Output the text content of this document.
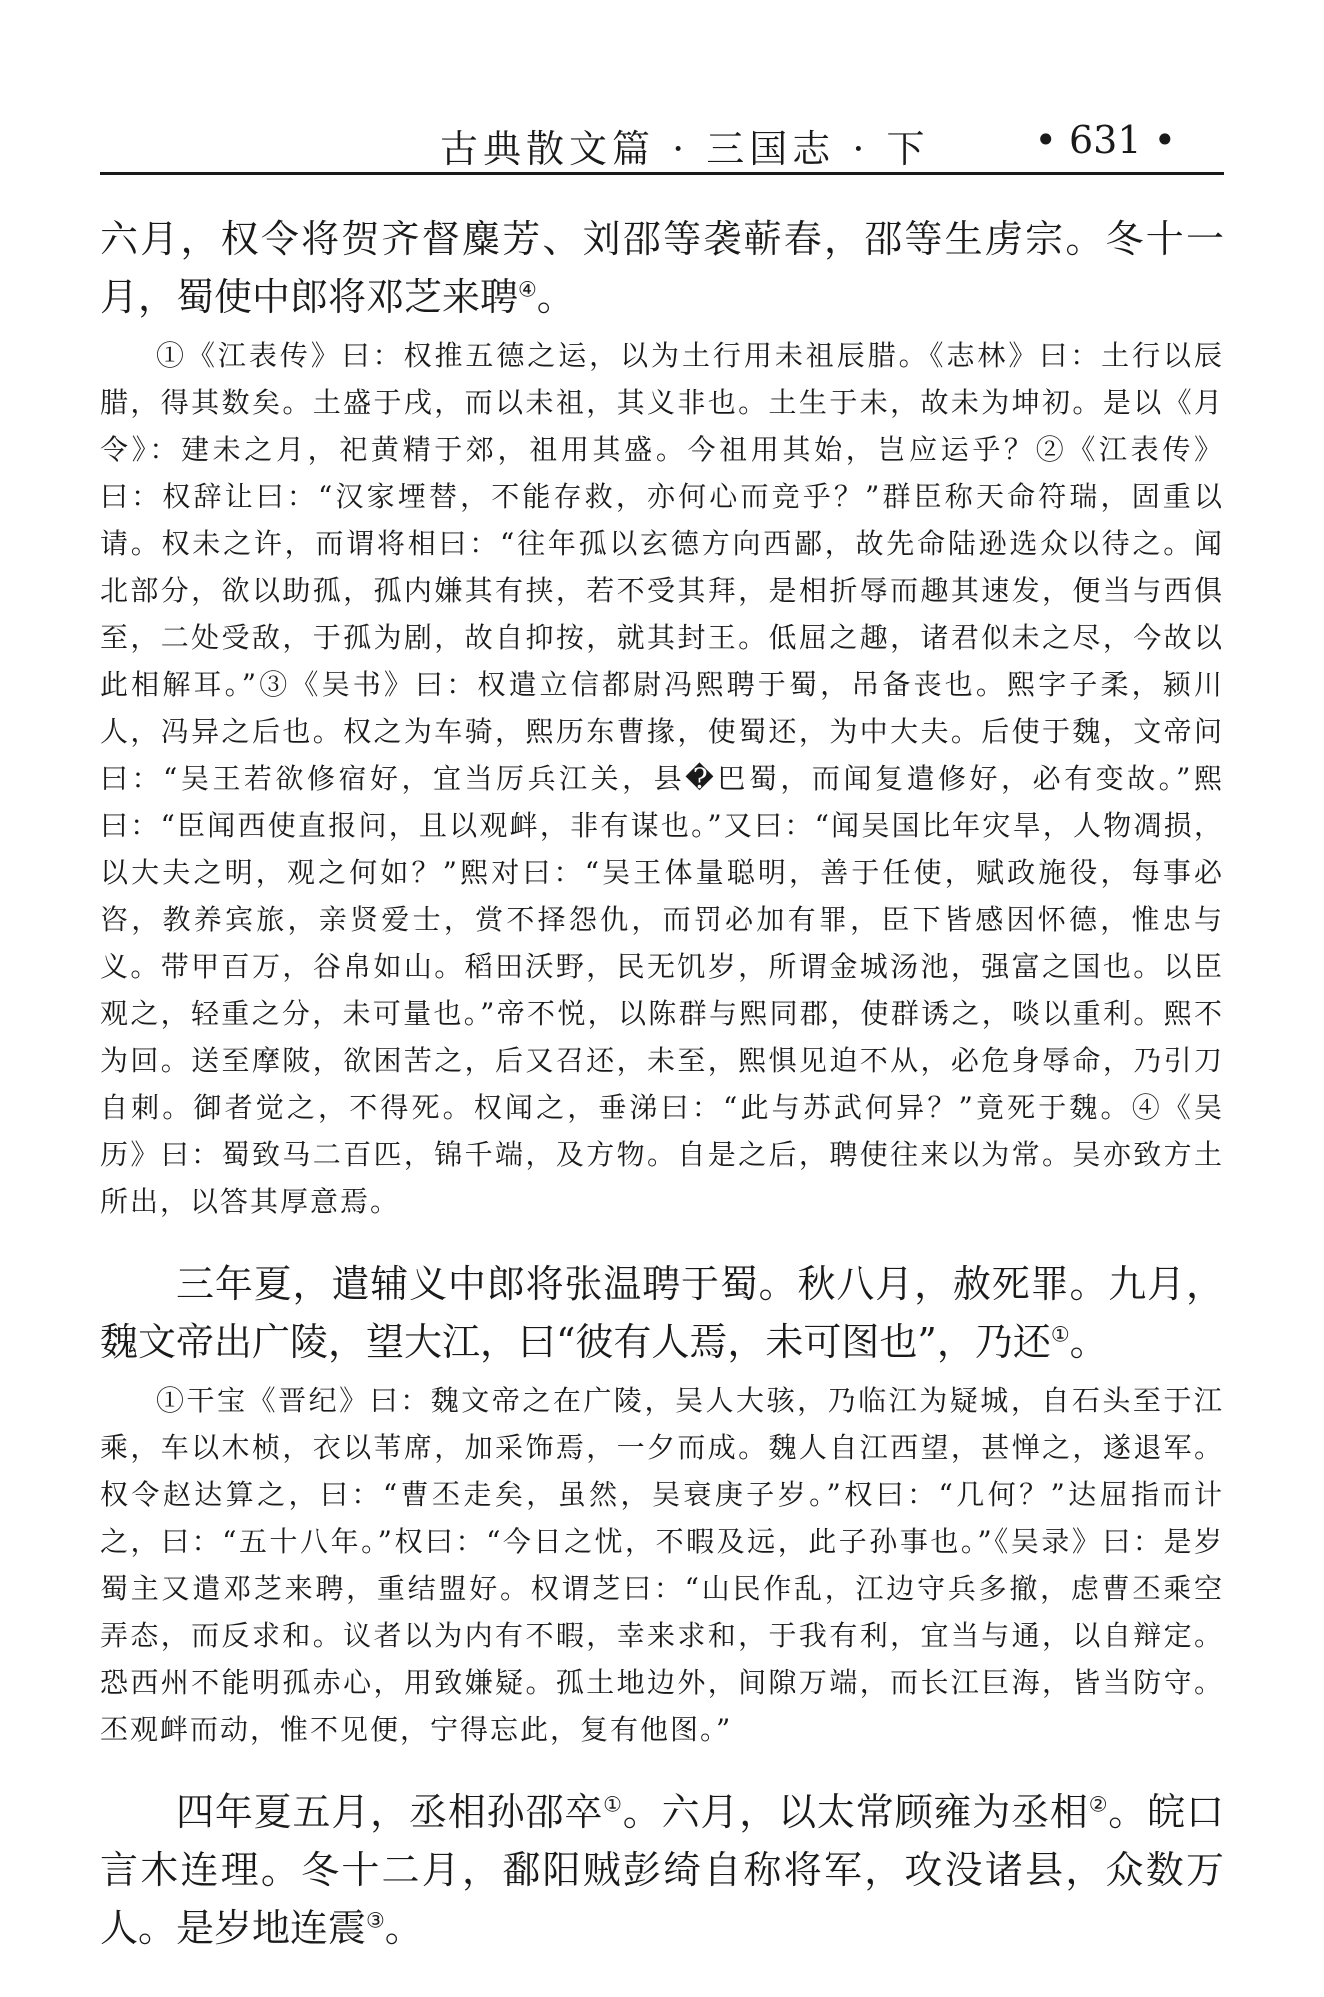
古典散文篇 · 三国志 · 下	• 631 •

六月，权令将贺齐督麋芳、刘邵等袭蕲春，邵等生虏宗。冬十一月，蜀使中郎将邓芝来聘④。

①《江表传》曰：权推五德之运，以为土行用未祖辰腊。《志林》曰：土行以辰腊，得其数矣。土盛于戌，而以未祖，其义非也。土生于未，故未为坤初。是以《月令》：建未之月，祀黄精于郊，祖用其盛。今祖用其始，岂应运乎？②《江表传》曰：权辞让曰：“汉家堙替，不能存救，亦何心而竞乎？”群臣称天命符瑞，固重以请。权未之许，而谓将相曰：“往年孤以玄德方向西鄙，故先命陆逊选众以待之。闻北部分，欲以助孤，孤内嫌其有挟，若不受其拜，是相折辱而趣其速发，便当与西俱至，二处受敌，于孤为剧，故自抑按，就其封王。低屈之趣，诸君似未之尽，今故以此相解耳。”③《吴书》曰：权遣立信都尉冯熙聘于蜀，吊备丧也。熙字子柔，颍川人，冯异之后也。权之为车骑，熙历东曹掾，使蜀还，为中大夫。后使于魏，文帝问曰：“吴王若欲修宿好，宜当厉兵江关，县�巴蜀，而闻复遣修好，必有变故。”熙曰：“臣闻西使直报问，且以观衅，非有谋也。”又曰：“闻吴国比年灾旱，人物凋损，以大夫之明，观之何如？”熙对曰：“吴王体量聪明，善于任使，赋政施役，每事必咨，教养宾旅，亲贤爱士，赏不择怨仇，而罚必加有罪，臣下皆感因怀德，惟忠与义。带甲百万，谷帛如山。稻田沃野，民无饥岁，所谓金城汤池，强富之国也。以臣观之，轻重之分，未可量也。”帝不悦，以陈群与熙同郡，使群诱之，啖以重利。熙不为回。送至摩陂，欲困苦之，后又召还，未至，熙惧见迫不从，必危身辱命，乃引刀自刺。御者觉之，不得死。权闻之，垂涕曰：“此与苏武何异？”竟死于魏。④《吴历》曰：蜀致马二百匹，锦千端，及方物。自是之后，聘使往来以为常。吴亦致方土所出，以答其厚意焉。

三年夏，遣辅义中郎将张温聘于蜀。秋八月，赦死罪。九月，魏文帝出广陵，望大江，曰“彼有人焉，未可图也”，乃还①。

①干宝《晋纪》曰：魏文帝之在广陵，吴人大骇，乃临江为疑城，自石头至于江乘，车以木桢，衣以苇席，加采饰焉，一夕而成。魏人自江西望，甚惮之，遂退军。权令赵达算之，曰：“曹丕走矣，虽然，吴衰庚子岁。”权曰：“几何？”达屈指而计之，曰：“五十八年。”权曰：“今日之忧，不暇及远，此子孙事也。”《吴录》曰：是岁蜀主又遣邓芝来聘，重结盟好。权谓芝曰：“山民作乱，江边守兵多撤，虑曹丕乘空弄态，而反求和。议者以为内有不暇，幸来求和，于我有利，宜当与通，以自辩定。恐西州不能明孤赤心，用致嫌疑。孤土地边外，间隙万端，而长江巨海，皆当防守。丕观衅而动，惟不见便，宁得忘此，复有他图。”

四年夏五月，丞相孙邵卒①。六月，以太常顾雍为丞相②。皖口言木连理。冬十二月，鄱阳贼彭绮自称将军，攻没诸县，众数万人。是岁地连震③。
